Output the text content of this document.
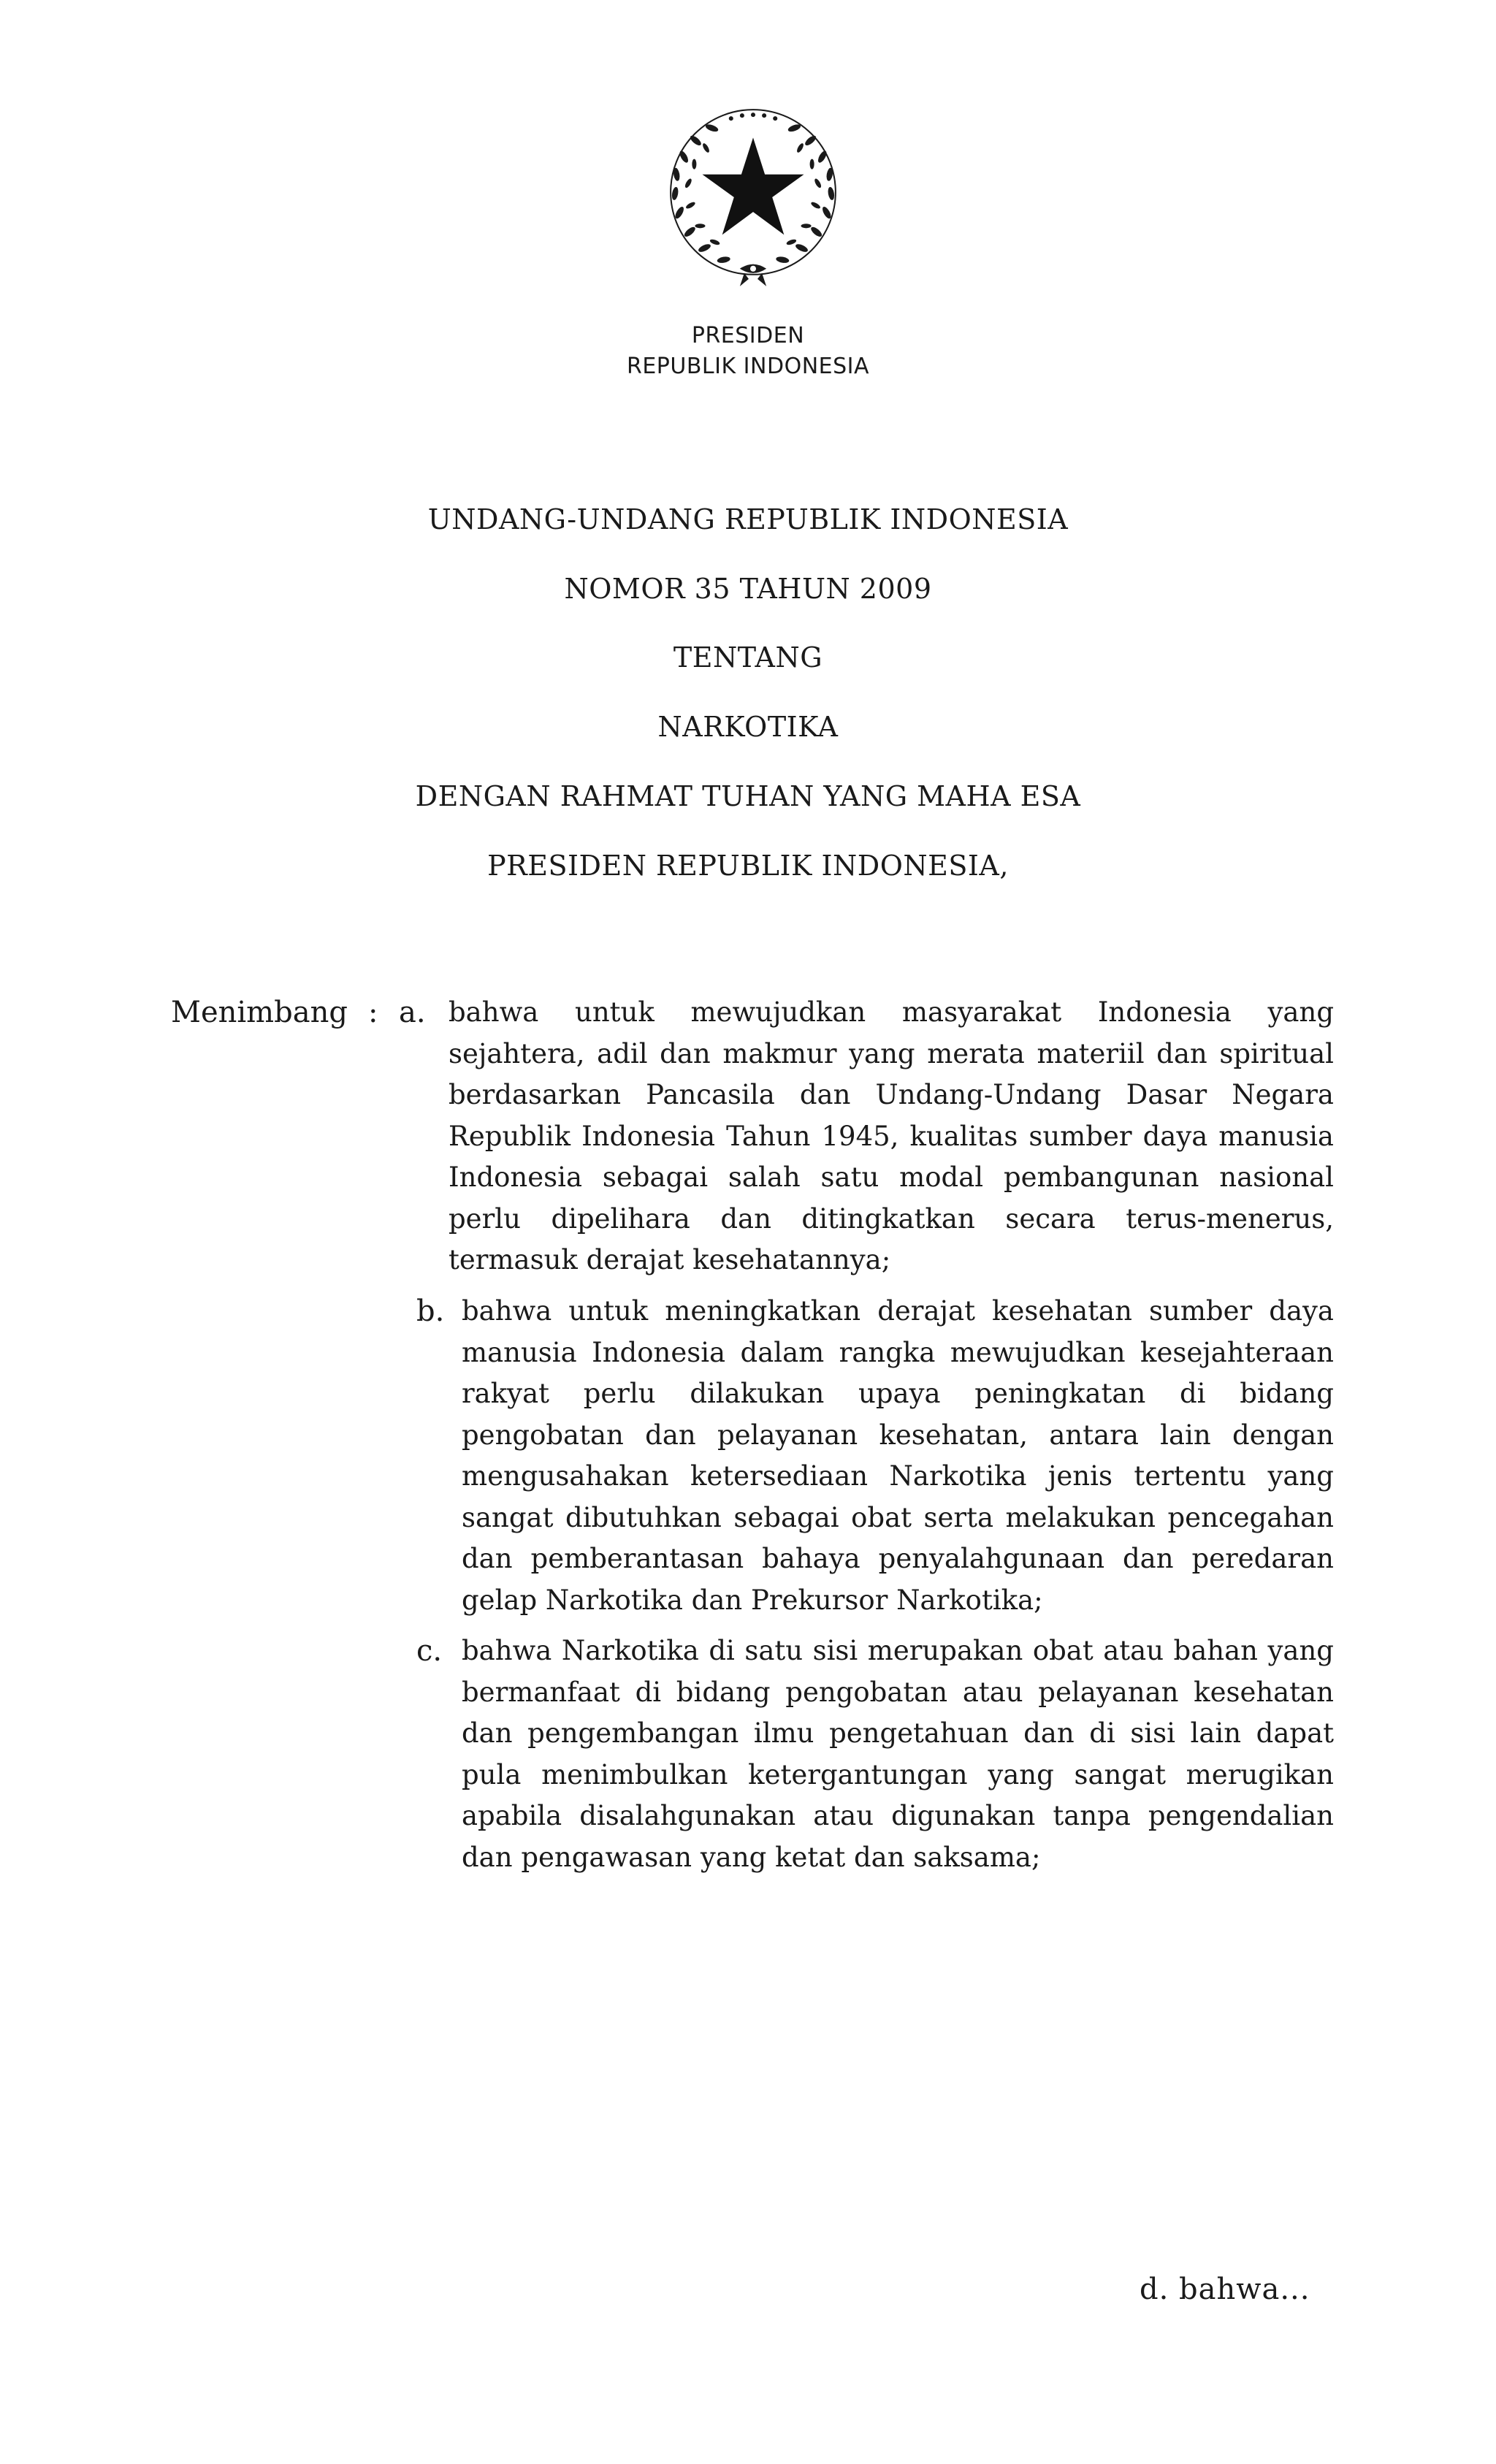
PRESIDEN
REPUBLIK INDONESIA
UNDANG-UNDANG REPUBLIK INDONESIA
NOMOR 35 TAHUN 2009
TENTANG
NARKOTIKA
DENGAN RAHMAT TUHAN YANG MAHA ESA
PRESIDEN REPUBLIK INDONESIA,
Menimbang : a. bahwa untuk mewujudkan masyarakat Indonesia yang sejahtera, adil dan makmur yang merata materiil dan spiritual berdasarkan Pancasila dan Undang-Undang Dasar Negara Republik Indonesia Tahun 1945, kualitas sumber daya manusia Indonesia sebagai salah satu modal pembangunan nasional perlu dipelihara dan ditingkatkan secara terus-menerus, termasuk derajat kesehatannya;
b. bahwa untuk meningkatkan derajat kesehatan sumber daya manusia Indonesia dalam rangka mewujudkan kesejahteraan rakyat perlu dilakukan upaya peningkatan di bidang pengobatan dan pelayanan kesehatan, antara lain dengan mengusahakan ketersediaan Narkotika jenis tertentu yang sangat dibutuhkan sebagai obat serta melakukan pencegahan dan pemberantasan bahaya penyalahgunaan dan peredaran gelap Narkotika dan Prekursor Narkotika;
c. bahwa Narkotika di satu sisi merupakan obat atau bahan yang bermanfaat di bidang pengobatan atau pelayanan kesehatan dan pengembangan ilmu pengetahuan dan di sisi lain dapat pula menimbulkan ketergantungan yang sangat merugikan apabila disalahgunakan atau digunakan tanpa pengendalian dan pengawasan yang ketat dan saksama;
d. bahwa...
